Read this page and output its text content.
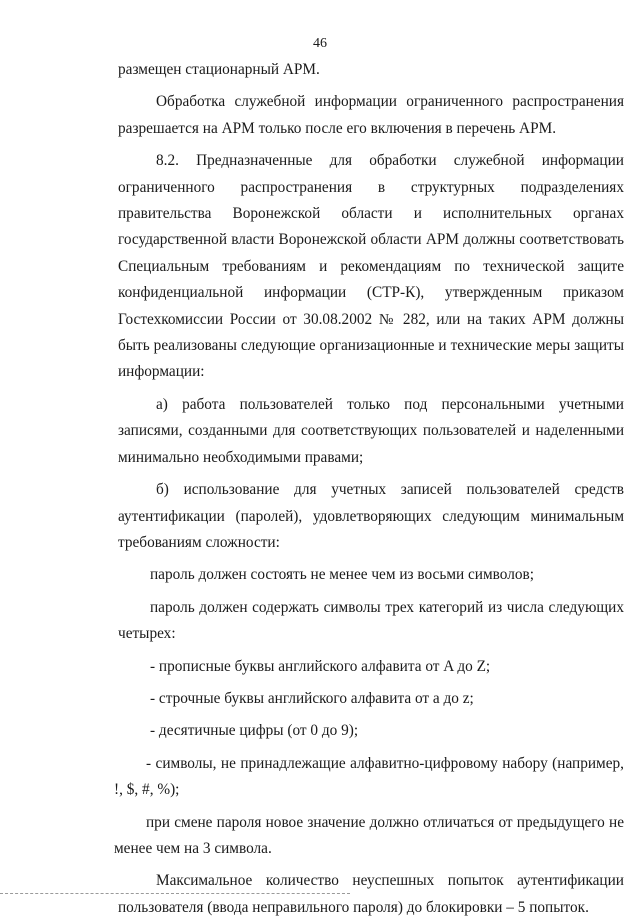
46

размещен стационарный АРМ.

Обработка служебной информации ограниченного распространения разрешается на АРМ только после его включения в перечень АРМ.

8.2. Предназначенные для обработки служебной информации ограниченного распространения в структурных подразделениях правительства Воронежской области и исполнительных органах государственной власти Воронежской области АРМ должны соответствовать Специальным требованиям и рекомендациям по технической защите конфиденциальной информации (СТР-К), утвержденным приказом Гостехкомиссии России от 30.08.2002 № 282, или на таких АРМ должны быть реализованы следующие организационные и технические меры защиты информации:

а) работа пользователей только под персональными учетными записями, созданными для соответствующих пользователей и наделенными минимально необходимыми правами;

б) использование для учетных записей пользователей средств аутентификации (паролей), удовлетворяющих следующим минимальным требованиям сложности:

пароль должен состоять не менее чем из восьми символов;

пароль должен содержать символы трех категорий из числа следующих четырех:

- прописные буквы английского алфавита от A до Z;

- строчные буквы английского алфавита от a до z;

- десятичные цифры (от 0 до 9);

- символы, не принадлежащие алфавитно-цифровому набору (например, !, $, #, %);

при смене пароля новое значение должно отличаться от предыдущего не менее чем на 3 символа.

Максимальное количество неуспешных попыток аутентификации пользователя (ввода неправильного пароля) до блокировки – 5 попыток.
